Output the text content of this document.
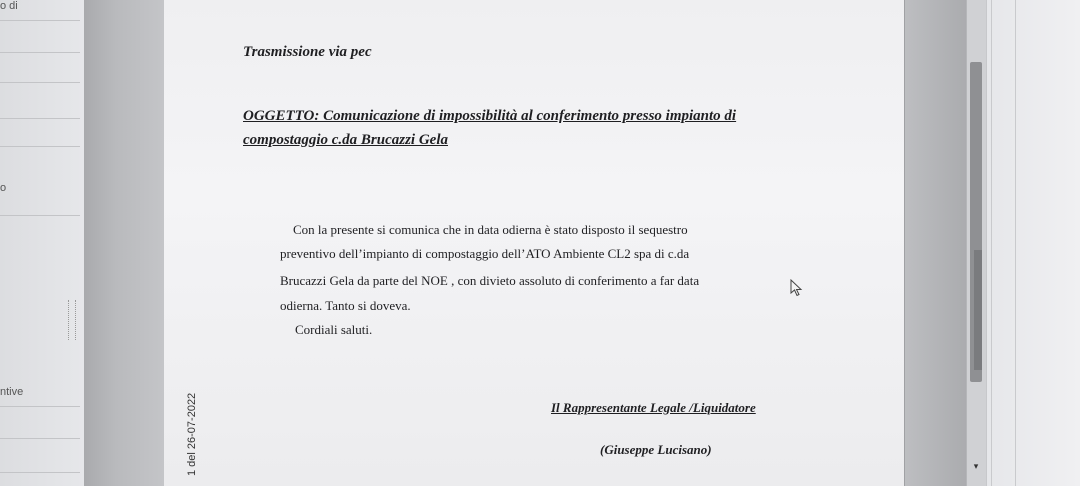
o di
o
ntive
Trasmissione via pec
OGGETTO: Comunicazione di impossibilità al conferimento presso impianto di
compostaggio c.da Brucazzi Gela
Con la presente si comunica che in data odierna è stato disposto il sequestro
preventivo dell’impianto di compostaggio dell’ATO Ambiente CL2 spa di c.da
Brucazzi Gela da parte del NOE , con divieto assoluto di conferimento a far data
odierna. Tanto si doveva.
Cordiali saluti.
Il Rappresentante Legale /Liquidatore
(Giuseppe Lucisano)
1 del 26-07-2022	▾
